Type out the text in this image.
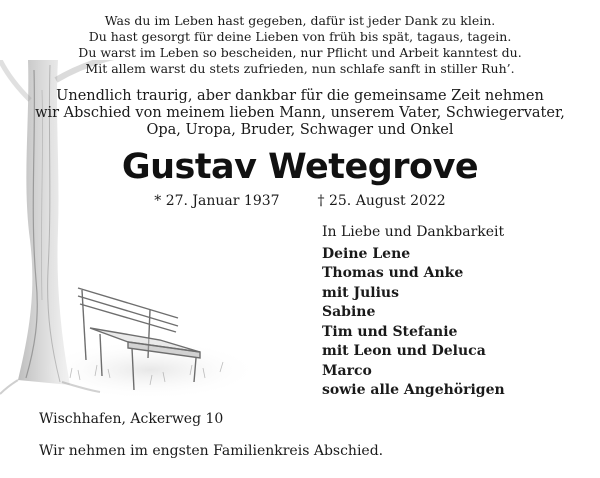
Was du im Leben hast gegeben, dafür ist jeder Dank zu klein.
Du hast gesorgt für deine Lieben von früh bis spät, tagaus, tagein.
Du warst im Leben so bescheiden, nur Pflicht und Arbeit kanntest du.
Mit allem warst du stets zufrieden, nun schlafe sanft in stiller Ruh’.
Unendlich traurig, aber dankbar für die gemeinsame Zeit nehmen
wir Abschied von meinem lieben Mann, unserem Vater, Schwiegervater,
Opa, Uropa, Bruder, Schwager und Onkel
Gustav Wetegrove
* 27. Januar 1937	† 25. August 2022
In Liebe und Dankbarkeit
Deine Lene
Thomas und Anke
mit Julius
Sabine
Tim und Stefanie
mit Leon und Deluca
Marco
sowie alle Angehörigen
Wischhafen, Ackerweg 10
Wir nehmen im engsten Familienkreis Abschied.
